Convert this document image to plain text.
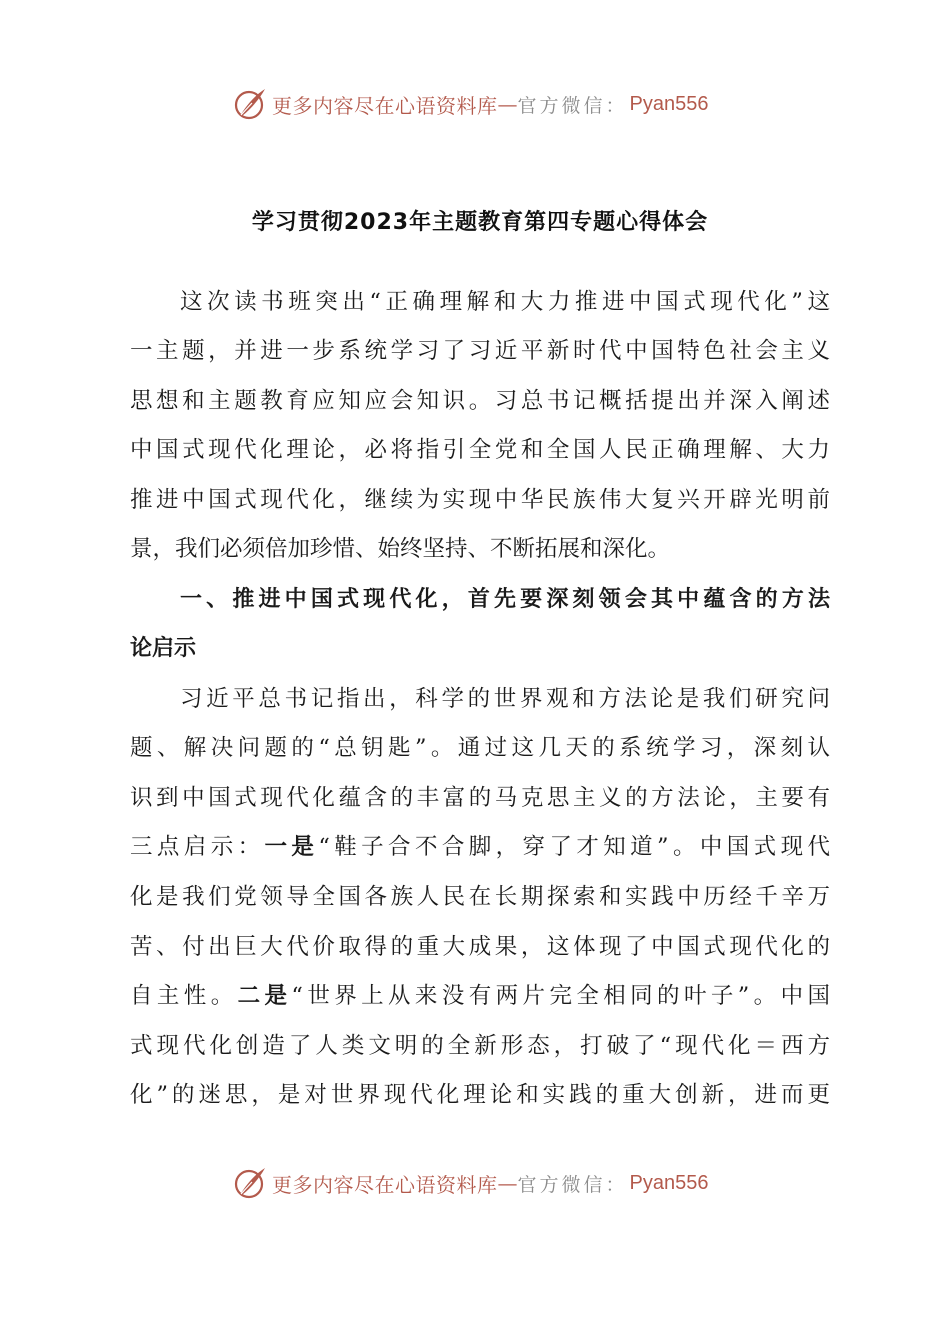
更多内容尽在心语资料库 — 官方微信： Pyan556
学习贯彻2023年主题教育第四专题心得体会
这次读书班突出“正确理解和大力推进中国式现代化”这
一主题，并进一步系统学习了习近平新时代中国特色社会主义
思想和主题教育应知应会知识。习总书记概括提出并深入阐述
中国式现代化理论，必将指引全党和全国人民正确理解、大力
推进中国式现代化，继续为实现中华民族伟大复兴开辟光明前
景，我们必须倍加珍惜、始终坚持、不断拓展和深化。
一、推进中国式现代化，首先要深刻领会其中蕴含的方法
论启示
习近平总书记指出，科学的世界观和方法论是我们研究问
题、解决问题的“总钥匙”。通过这几天的系统学习，深刻认
识到中国式现代化蕴含的丰富的马克思主义的方法论，主要有
三点启示：一是“鞋子合不合脚，穿了才知道”。中国式现代
化是我们党领导全国各族人民在长期探索和实践中历经千辛万
苦、付出巨大代价取得的重大成果，这体现了中国式现代化的
自主性。二是“世界上从来没有两片完全相同的叶子”。中国
式现代化创造了人类文明的全新形态，打破了“现代化＝西方
化”的迷思，是对世界现代化理论和实践的重大创新，进而更
更多内容尽在心语资料库 — 官方微信： Pyan556
